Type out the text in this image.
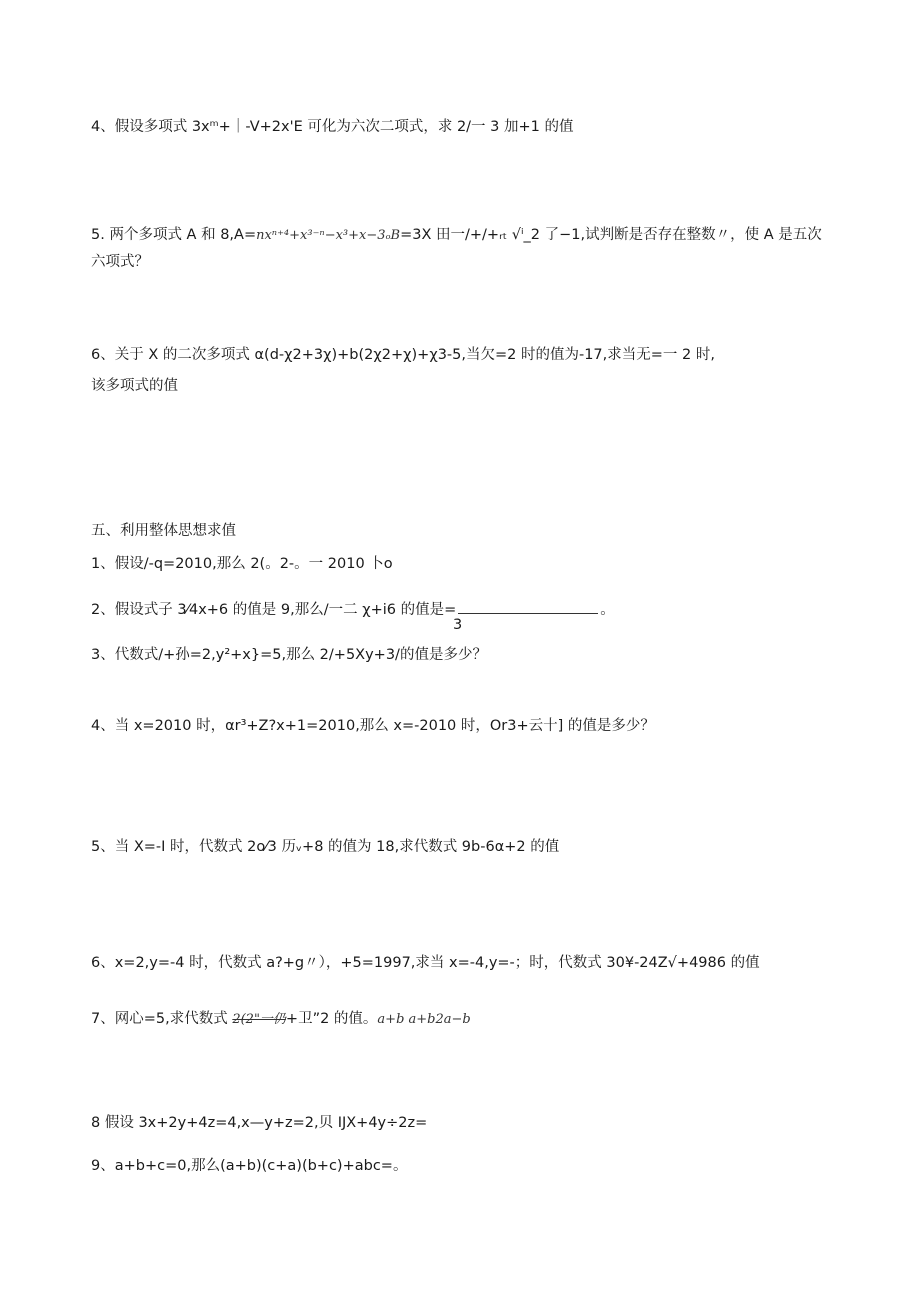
4、假设多项式 3xᵐ+｜-V+2x'E 可化为六次二项式，求 2/一 3 加+1 的值
5. 两个多项式 A 和 8,A=nxⁿ⁺⁴+x³⁻ⁿ−x³+x−3ₒB=3X 田一/+/+ᵣₜ √ⁱ_2 了−1,试判断是否存在整数〃，使 A 是五次
六项式？
6、关于 X 的二次多项式 α(d-χ2+3χ)+b(2χ2+χ)+χ3-5,当欠=2 时的值为-17,求当无=一 2 时,
该多项式的值
五、利用整体思想求值
1、假设/-q=2010,那么 2(。2-。一 2010 卜o
2、假设式子 3⁄4x+6 的值是 9,那么/一二 χ+i6 的值是=	。
3
3、代数式/+孙=2,y²+x}=5,那么 2/+5Xy+3/的值是多少？
4、当 x=2010 时，αr³+Z?x+1=2010,那么 x=-2010 时，Or3+云十] 的值是多少？
5、当 X=-I 时，代数式 2o⁄3 历ᵥ+8 的值为 18,求代数式 9b-6α+2 的值
6、x=2,y=-4 时，代数式 a?+g〃），+5=1997,求当 x=-4,y=-；时，代数式 30¥-24Z√+4986 的值
7、网心=5,求代数式 2(2"一仍+卫”2 的值。a+b a+b2a−b
8 假设 3x+2y+4z=4,x—y+z=2,贝 IJX+4y÷2z=
9、a+b+c=0,那么(a+b)(c+a)(b+c)+abc=。
